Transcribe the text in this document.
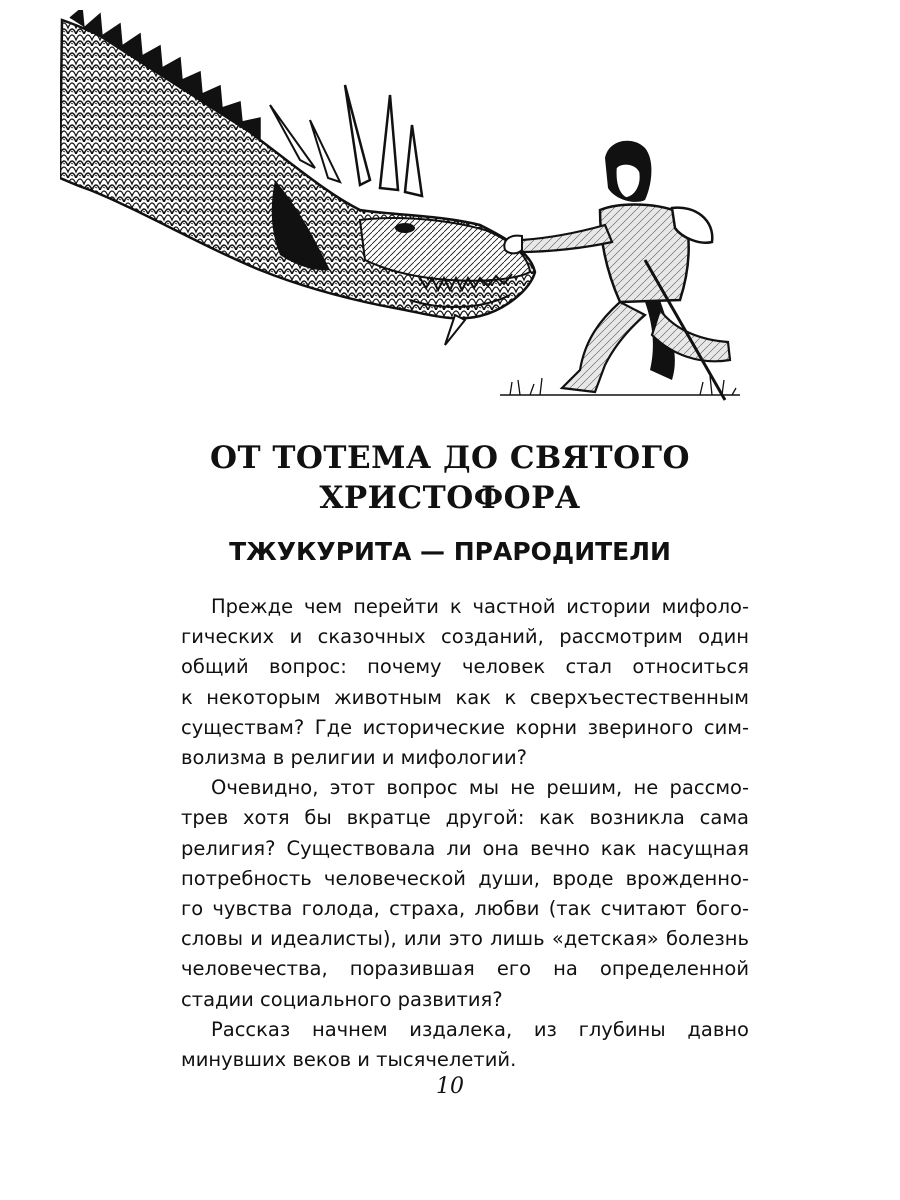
ОТ ТОТЕМА ДО СВЯТОГО
ХРИСТОФОРА
ТЖУКУРИТА — ПРАРОДИТЕЛИ
Прежде чем перейти к частной истории мифоло-
гических и сказочных созданий, рассмотрим один
общий вопрос: почему человек стал относиться
к некоторым животным как к сверхъестественным
существам? Где исторические корни звериного сим-
волизма в религии и мифологии?
Очевидно, этот вопрос мы не решим, не рассмо-
трев хотя бы вкратце другой: как возникла сама
религия? Существовала ли она вечно как насущная
потребность человеческой души, вроде врожденно-
го чувства голода, страха, любви (так считают бого-
словы и идеалисты), или это лишь «детская» болезнь
человечества, поразившая его на определенной
стадии социального развития?
Рассказ начнем издалека, из глубины давно
минувших веков и тысячелетий.
10
